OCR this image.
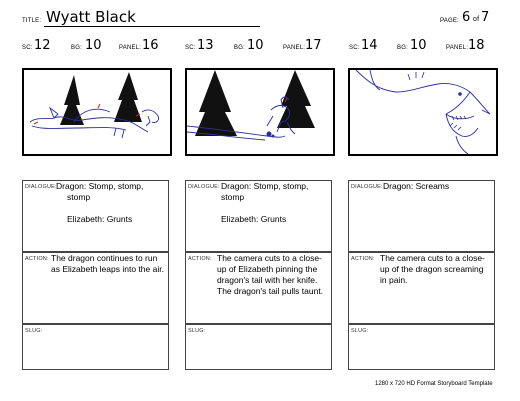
TITLE: Wyatt Black	PAGE: 6 of 7
SC: 12	BG: 10	PANEL: 16
DIALOGUE: Dragon: Stomp, stomp,
stomp
Elizabeth: Grunts
ACTION: The dragon continues to run as Elizabeth leaps into the air.
SLUG:
SC: 13	BG: 10	PANEL: 17
DIALOGUE: Dragon: Stomp, stomp,
stomp
Elizabeth: Grunts
ACTION: The camera cuts to a close-up of Elizabeth pinning the dragon's tail with her knife. The dragon's tail pulls taunt.
SLUG:
SC: 14	BG: 10	PANEL: 18
DIALOGUE: Dragon: Screams
ACTION: The camera cuts to a close-up of the dragon screaming in pain.
SLUG:
1280 x 720 HD Format Storyboard Template
